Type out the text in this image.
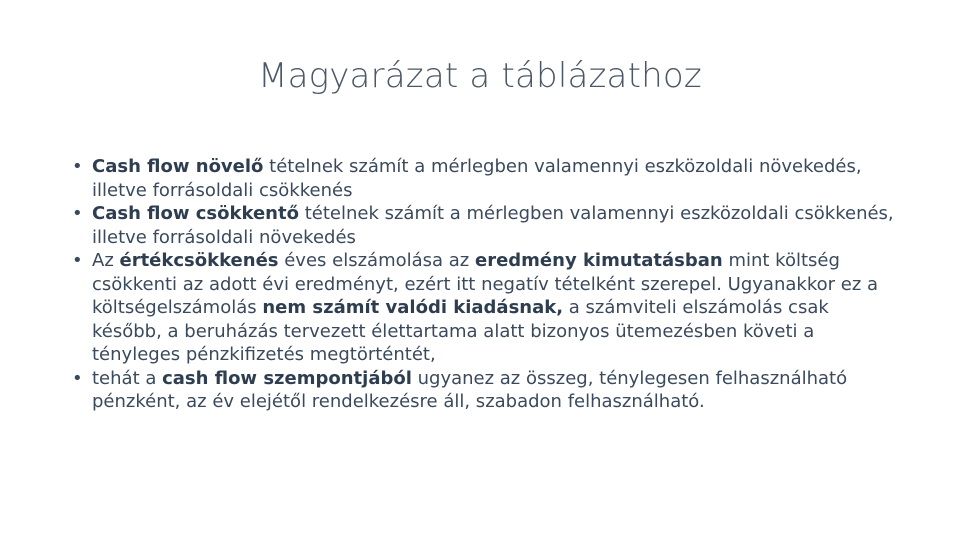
Magyarázat a táblázathoz
• Cash flow növelő tételnek számít a mérlegben valamennyi eszközoldali növekedés, illetve forrásoldali csökkenés
• Cash flow csökkentő tételnek számít a mérlegben valamennyi eszközoldali csökkenés, illetve forrásoldali növekedés
• Az értékcsökkenés éves elszámolása az eredmény kimutatásban mint költség csökkenti az adott évi eredményt, ezért itt negatív tételként szerepel. Ugyanakkor ez a költségelszámolás nem számít valódi kiadásnak, a számviteli elszámolás csak később, a beruházás tervezett élettartama alatt bizonyos ütemezésben követi a tényleges pénzkifizetés megtörténtét,
• tehát a cash flow szempontjából ugyanez az összeg, ténylegesen felhasználható pénzként, az év elejétől rendelkezésre áll, szabadon felhasználható.
